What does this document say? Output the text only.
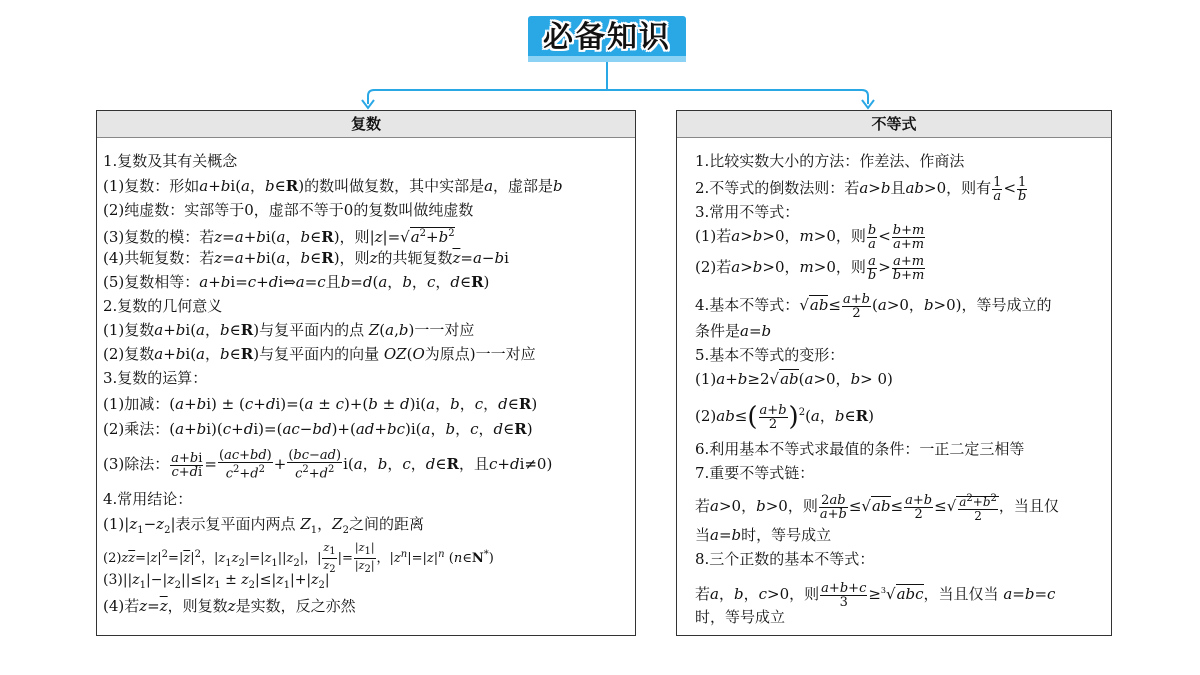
必备知识
复数
1.复数及其有关概念
(1)复数：形如a+bi(a，b∈R)的数叫做复数，其中实部是a，虚部是b
(2)纯虚数：实部等于0，虚部不等于0的复数叫做纯虚数
(3)复数的模：若z=a+bi(a，b∈R)，则$|z|=√a^2+b^2$
(4)共轭复数：若z=a+bi(a，b∈R)，则z的共轭复数$\overline{z}=a-bi$
(5)复数相等：a+bi=c+di⇔a=c且b=d(a，b，c，d∈R)
2.复数的几何意义
(1)复数a+bi(a，b∈R)与复平面内的点 Z(a,b)一一对应
(2)复数a+bi(a，b∈R)与复平面内的向量 OZ(O为原点)一一对应
3.复数的运算：
(1)加减：(a+bi) ± (c+di)=(a ± c)+(b ± d)i(a，b，c，d∈R)
(2)乘法：(a+bi)(c+di)=(ac−bd)+(ad+bc)i(a，b，c，d∈R)
(3)除法： $\frac{a+bi}{c+di} = \frac{(ac+bd)}{c^2+d^2} + \frac{(bc-ad)}{c^2+d^2} i(a$，b，c，d∈R，且c+di≠0)
4.常用结论：
$(1)|z_1-z_2|$表示复平面内两点 $Z_1$，$Z_2$之间的距离
$(2)z\overline{z}=|z|^2=|\overline{z}|^2$，$|z_1z_2|=|z_1||z_2|$，| $\frac{z_1}{z_2}$ |= $\frac{|z_1|}{|z_2|}$ ，$|z^n|=|z|^n$ (n∈N*)
$(3)||z_1|-|z_2||\le|z_1 \pm z_2|\le|z_1|+|z_2|$
(4)若$z=\overline{z}$，则复数z是实数，反之亦然
不等式
1.比较实数大小的方法：作差法、作商法
2.不等式的倒数法则：若a>b且ab>0，则有 $\frac{1}{a} < \frac{1}{b}$
3.常用不等式：
(1)若a>b>0，m>0，则 $\frac{b}{a} < \frac{b+m}{a+m}$
(2)若a>b>0，m>0，则 $\frac{a}{b} > \frac{a+m}{b+m}$
4.基本不等式：$√ab\le \frac{a+b}{2} (a>0$，b>0)，等号成立的
条件是a=b
5.基本不等式的变形：
(1)a+b≥2√ab(a>0，b> 0)
$(2)ab\le( \frac{a+b}{2} )^2(a$，b∈R)
6.利用基本不等式求最值的条件：一正二定三相等
7.重要不等式链：
若a>0，b>0，则 $\frac{2ab}{a+b} \le√ab\le \frac{a+b}{2}$ ≤√ $\frac{a^2+b^2}{2}$ ，当且仅
当a=b时，等号成立
8.三个正数的基本不等式：
若a，b，c>0，则 $\frac{a+b+c}{3} \ge^3√abc$，当且仅当 a=b=c
时，等号成立
